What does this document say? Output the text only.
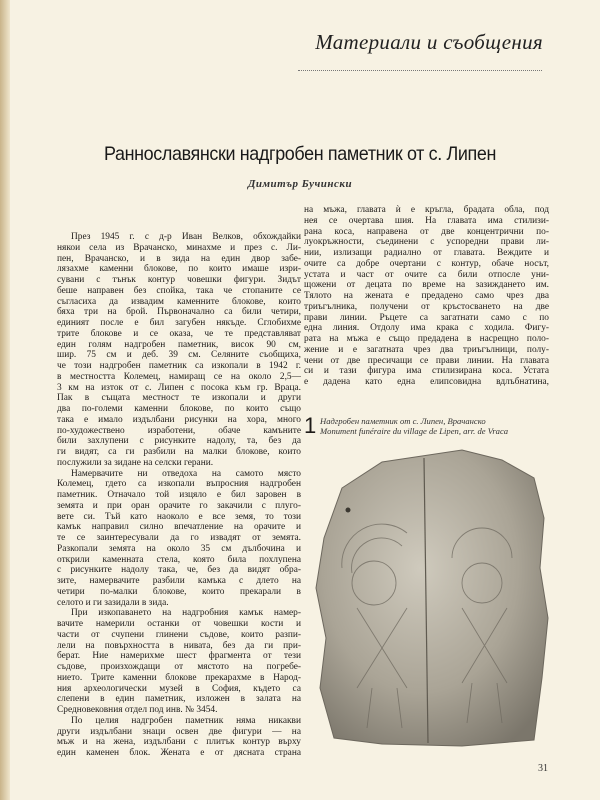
Материали и съобщения
Раннославянски надгробен паметник от с. Липен
Димитър Бучински
През 1945 г. с д-р Иван Велков, обхождайки
някои села из Врачанско, минахме и през с. Ли-
пен, Врачанско, и в зида на един двор забе-
лязахме каменни блокове, по които имаше изри-
сувани с тънък контур човешки фигури. Зидът
беше направен без спойка, така че стопаните се
съгласиха да извадим каменните блокове, които
бяха три на брой. Първоначално са били четири,
единият после е бил загубен някъде. Сглобихме
трите блокове и се оказа, че те представляват
един голям надгробен паметник, висок 90 см,
шир. 75 см и деб. 39 см. Селяните съобщиха,
че този надгробен паметник са изкопали в 1942 г.
в местността Колемец, намиращ се на около 2,5—
3 км на изток от с. Липен с посока към гр. Враца.
Пак в същата местност те изкопали и други
два по-големи каменни блокове, по които също
така е имало издълбани рисунки на хора, много
по-художествено изработени, обаче камъните
били захлупени с рисунките надолу, та, без да
ги видят, са ги разбили на малки блокове, които
послужили за зидане на селски герани.
Намервачите ни отведоха на самото място
Колемец, гдето са изкопали въпросния надгробен
паметник. Отначало той изцяло е бил заровен в
земята и при оран орачите го закачили с плуго-
вете си. Тъй като наоколо е все земя, то този
камък направил силно впечатление на орачите и
те се заинтересували да го извадят от земята.
Разкопали земята на около 35 см дълбочина и
открили каменната стела, която била похлупена
с рисунките надолу така, че, без да видят обра-
зите, намервачите разбили камъка с длето на
четири по-малки блокове, които прекарали в
селото и ги зазидали в зида.
При изкопаването на надгробния камък намер-
вачите намерили останки от човешки кости и
части от счупени глинени съдове, които разпи-
лели на повърхността в нивата, без да ги при-
берат. Ние намерихме шест фрагмента от тези
съдове, произхождащи от мястото на погребе-
нието. Трите каменни блокове прекарахме в Народ-
ния археологически музей в София, където са
слепени в един паметник, изложен в залата на
Средновековния отдел под инв. № 3454.
По целия надгробен паметник няма никакви
други издълбани знаци освен две фигури — на
мъж и на жена, издълбани с плитък контур върху
един каменен блок. Жената е от дясната страна
на мъжа, главата ѝ е кръгла, брадата обла, под
нея се очертава шия. На главата има стилизи-
рана коса, направена от две концентрични по-
луокръжности, съединени с успоредни прави ли-
нии, излизащи радиално от главата. Веждите и
очите са добре очертани с контур, обаче носът,
устата и част от очите са били отпосле уни-
щожени от децата по време на зазиждането им.
Тялото на жената е предадено само чрез два
триъгълника, получени от кръстосването на две
прави линии. Ръцете са загатнати само с по
една линия. Отдолу има крака с ходила. Фигу-
рата на мъжа е също предадена в насрещно поло-
жение и е загатната чрез два триъгълници, полу-
чени от две пресичащи се прави линии. На главата
си и тази фигура има стилизирана коса. Устата
е дадена като една елипсовидна вдлъбнатина,
1 Надгробен паметник от с. Липен, Врачанско
Monument funéraire du village de Lipen, arr. de Vraca
31
